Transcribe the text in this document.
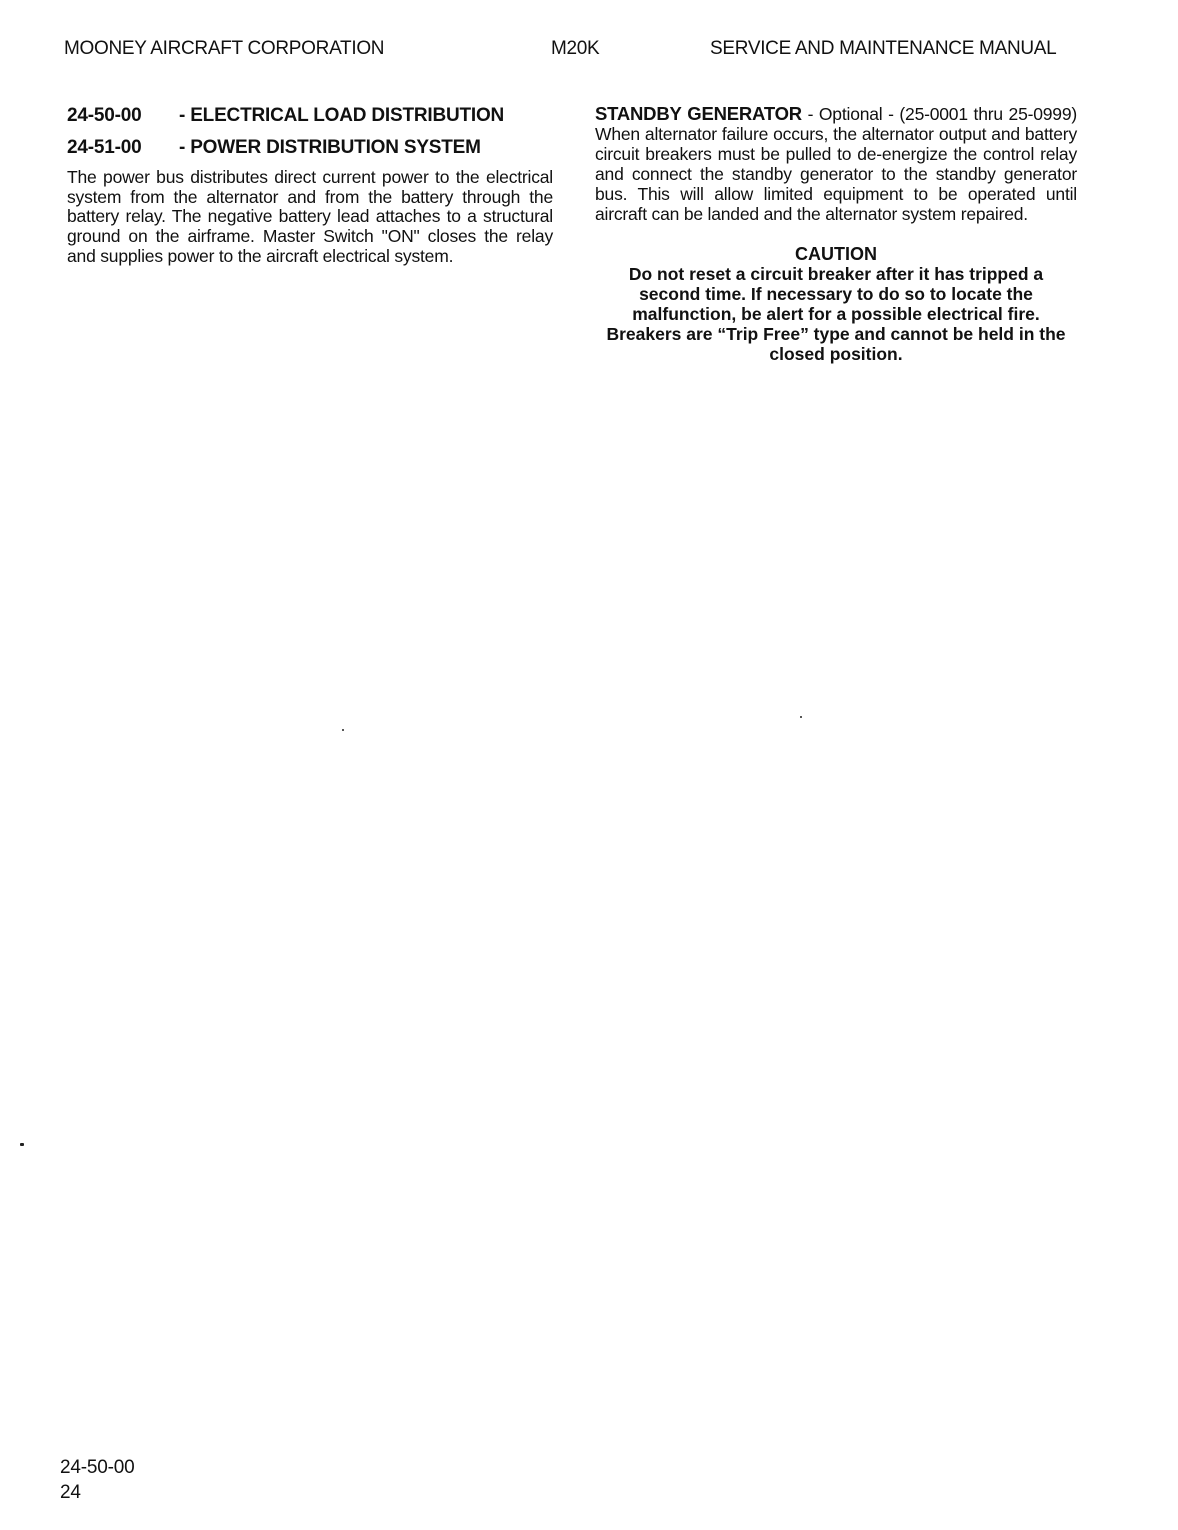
MOONEY AIRCRAFT CORPORATION	M20K	SERVICE AND MAINTENANCE MANUAL
24-50-00	- ELECTRICAL LOAD DISTRIBUTION
24-51-00	- POWER DISTRIBUTION SYSTEM

The power bus distributes direct current power to the electrical system from the alternator and from the battery through the battery relay. The negative battery lead attaches to a structural ground on the airframe. Master Switch "ON" closes the relay and supplies power to the aircraft electrical system.

STANDBY GENERATOR - Optional - (25-0001 thru 25-0999) When alternator failure occurs, the alternator output and battery circuit breakers must be pulled to de-energize the control relay and connect the standby generator to the standby generator bus. This will allow limited equipment to be operated until aircraft can be landed and the alternator system repaired.

CAUTION

Do not reset a circuit breaker after it has tripped a second time. If necessary to do so to locate the malfunction, be alert for a possible electrical fire. Breakers are “Trip Free” type and cannot be held in the closed position.

24-50-00
24
